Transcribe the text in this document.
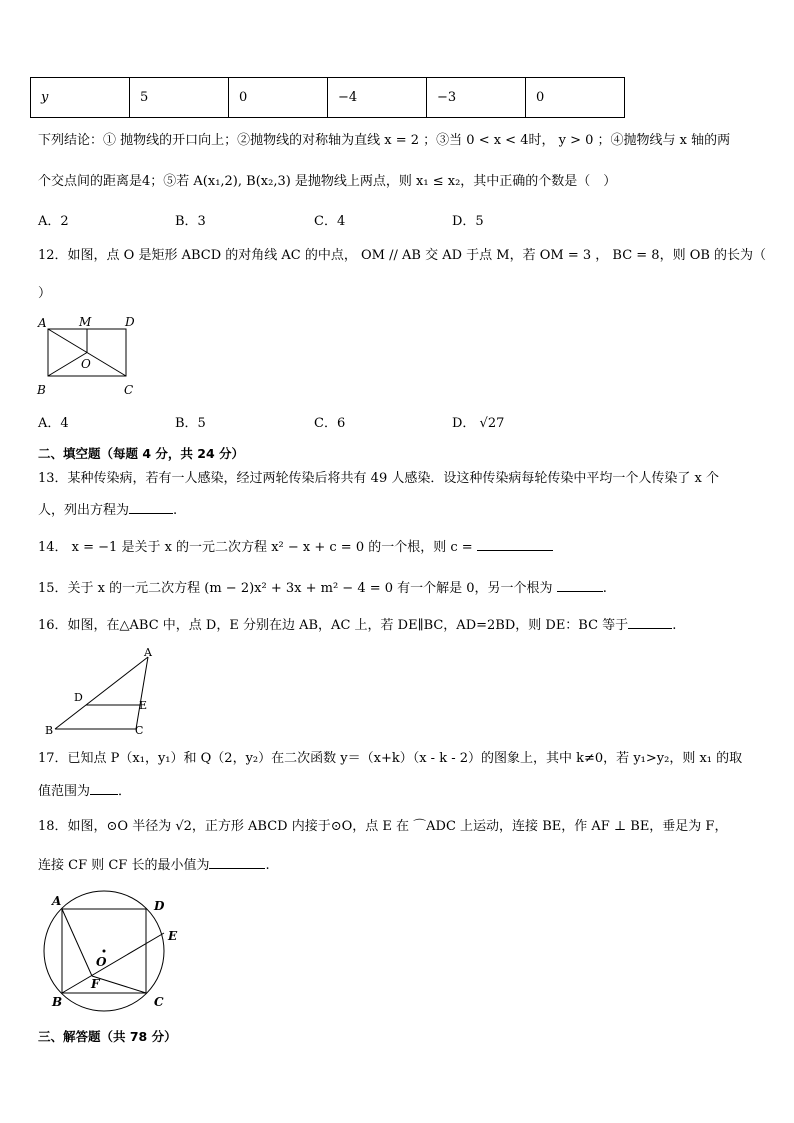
y	5	0	−4	−3	0
下列结论：① 抛物线的开口向上；②抛物线的对称轴为直线 x = 2 ；③当 0 < x < 4时， y > 0 ；④抛物线与 x 轴的两
个交点间的距离是4；⑤若 A(x₁,2), B(x₂,3) 是抛物线上两点，则 x₁ ≤ x₂，其中正确的个数是（　）
A．2	B．3	C．4	D．5
12．如图，点 O 是矩形 ABCD 的对角线 AC 的中点， OM // AB 交 AD 于点 M，若 OM = 3 ， BC = 8，则 OB 的长为（
）
A	M	D
O
B	C
A．4	B．5	C．6	D． √27
二、填空题（每题 4 分，共 24 分）
13．某种传染病，若有一人感染，经过两轮传染后将共有 49 人感染．设这种传染病每轮传染中平均一个人传染了 x 个
人，列出方程为	.
14． x = −1 是关于 x 的一元二次方程 x² − x + c = 0 的一个根，则 c =
15．关于 x 的一元二次方程 (m − 2)x² + 3x + m² − 4 = 0 有一个解是 0，另一个根为	.
16．如图，在△ABC 中，点 D，E 分别在边 AB，AC 上，若 DE∥BC，AD=2BD，则 DE：BC 等于	.
A
D
E
B	C
17．已知点 P（x₁，y₁）和 Q（2，y₂）在二次函数 y＝（x+k）（x - k - 2）的图象上，其中 k≠0，若 y₁>y₂，则 x₁ 的取
值范围为 ．
18．如图，⊙O 半径为 √2，正方形 ABCD 内接于⊙O，点 E 在 ⌒ADC 上运动，连接 BE，作 AF ⊥ BE，垂足为 F，
连接 CF 则 CF 长的最小值为	.
A	D
E
O
F
B	C
三、解答题（共 78 分）
